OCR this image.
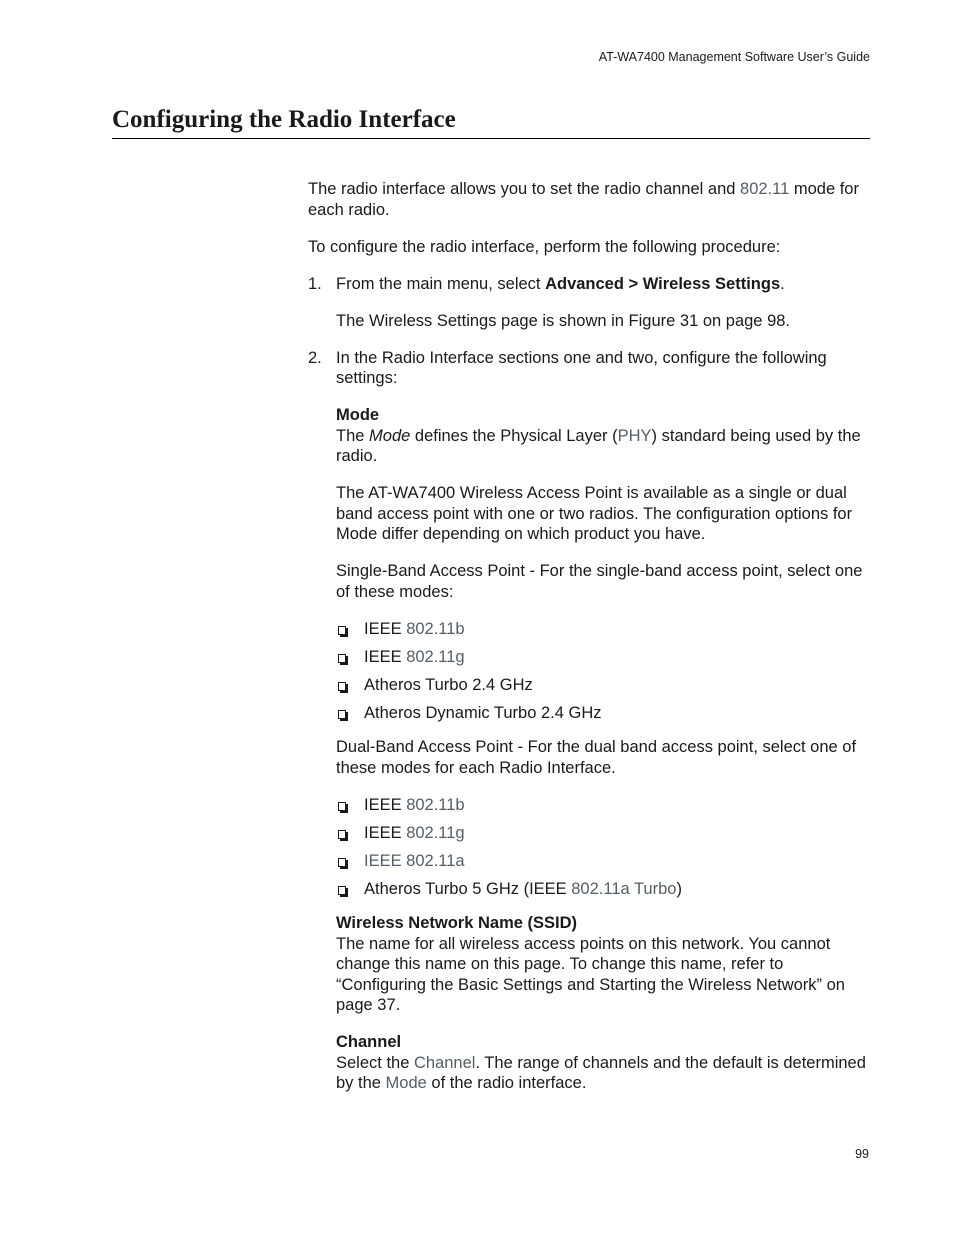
AT-WA7400 Management Software User’s Guide
Configuring the Radio Interface

The radio interface allows you to set the radio channel and 802.11 mode for each radio.

To configure the radio interface, perform the following procedure:

1. From the main menu, select Advanced > Wireless Settings.

The Wireless Settings page is shown in Figure 31 on page 98.

2. In the Radio Interface sections one and two, configure the following settings:

Mode

The Mode defines the Physical Layer (PHY) standard being used by the radio.

The AT-WA7400 Wireless Access Point is available as a single or dual band access point with one or two radios. The configuration options for Mode differ depending on which product you have.

Single-Band Access Point - For the single-band access point, select one of these modes:

IEEE 802.11b
IEEE 802.11g
Atheros Turbo 2.4 GHz
Atheros Dynamic Turbo 2.4 GHz

Dual-Band Access Point - For the dual band access point, select one of these modes for each Radio Interface.

IEEE 802.11b
IEEE 802.11g
IEEE 802.11a
Atheros Turbo 5 GHz (IEEE 802.11a Turbo)

Wireless Network Name (SSID)

The name for all wireless access points on this network. You cannot change this name on this page. To change this name, refer to “Configuring the Basic Settings and Starting the Wireless Network” on page 37.

Channel

Select the Channel. The range of channels and the default is determined by the Mode of the radio interface.

99
